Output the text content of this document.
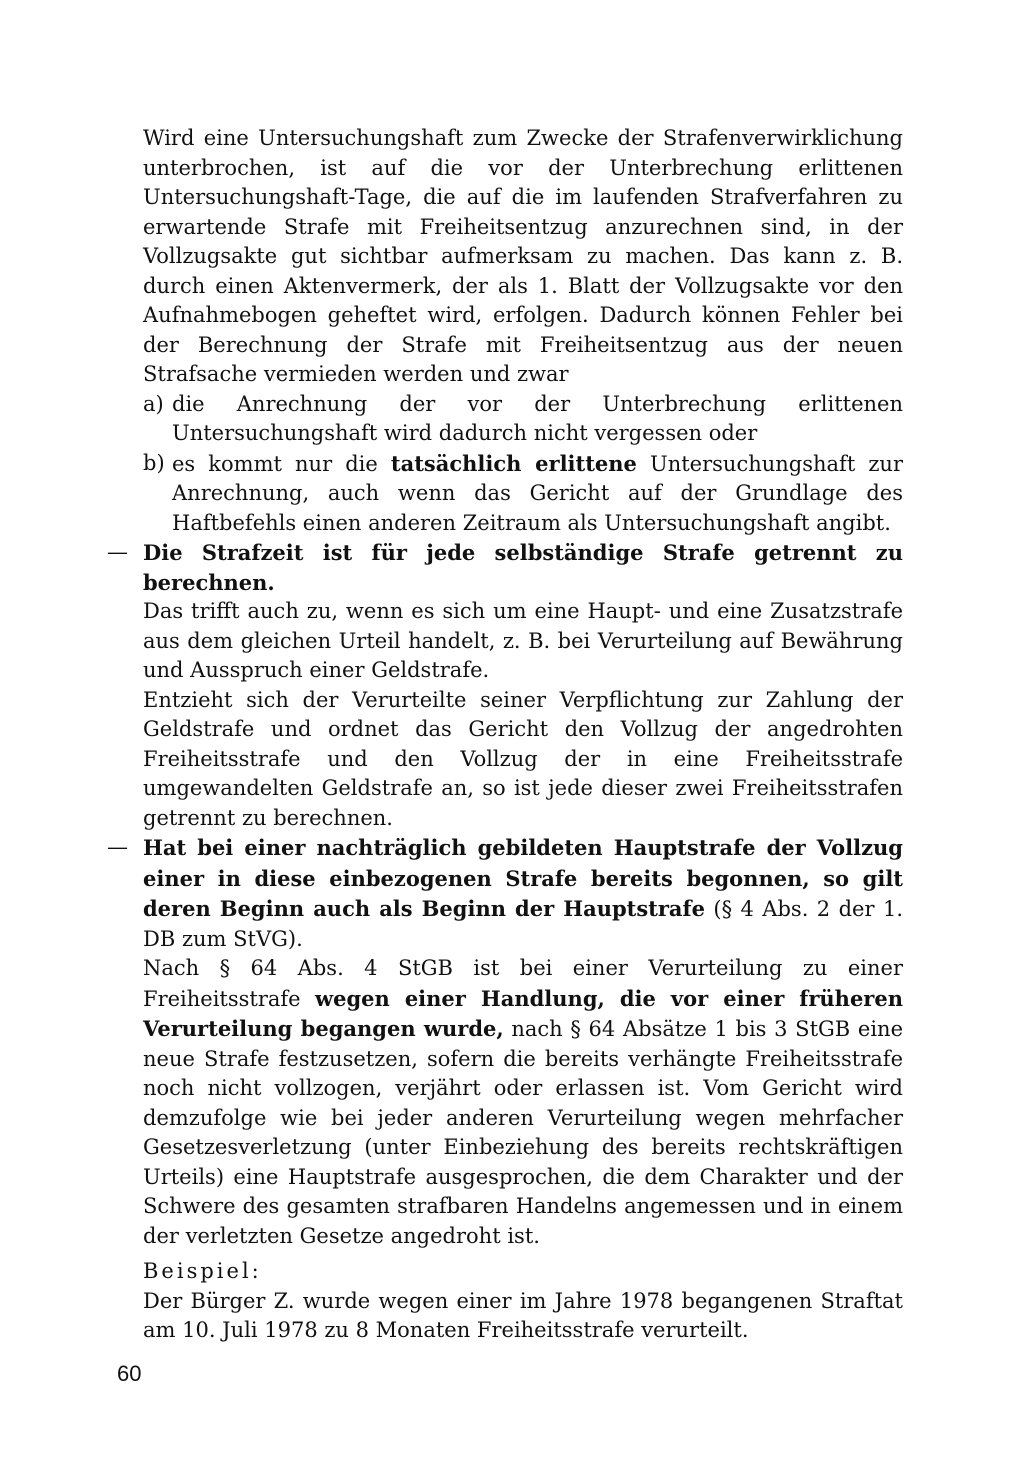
Wird eine Untersuchungshaft zum Zwecke der Strafenverwirklichung unterbrochen, ist auf die vor der Unterbrechung erlittenen Untersuchungshaft-Tage, die auf die im laufenden Strafverfahren zu erwartende Strafe mit Freiheitsentzug anzurechnen sind, in der Vollzugsakte gut sichtbar aufmerksam zu machen. Das kann z. B. durch einen Aktenvermerk, der als 1. Blatt der Vollzugsakte vor den Aufnahmebogen geheftet wird, erfolgen. Dadurch können Fehler bei der Berechnung der Strafe mit Freiheitsentzug aus der neuen Strafsache vermieden werden und zwar

a) die Anrechnung der vor der Unterbrechung erlittenen Untersuchungshaft wird dadurch nicht vergessen oder
b) es kommt nur die tatsächlich erlittene Untersuchungshaft zur Anrechnung, auch wenn das Gericht auf der Grundlage des Haftbefehls einen anderen Zeitraum als Untersuchungshaft angibt.
— Die Strafzeit ist für jede selbständige Strafe getrennt zu berechnen.

Das trifft auch zu, wenn es sich um eine Haupt- und eine Zusatzstrafe aus dem gleichen Urteil handelt, z. B. bei Verurteilung auf Bewährung und Ausspruch einer Geldstrafe.

Entzieht sich der Verurteilte seiner Verpflichtung zur Zahlung der Geldstrafe und ordnet das Gericht den Vollzug der angedrohten Freiheitsstrafe und den Vollzug der in eine Freiheitsstrafe umgewandelten Geldstrafe an, so ist jede dieser zwei Freiheitsstrafen getrennt zu berechnen.

— Hat bei einer nachträglich gebildeten Hauptstrafe der Vollzug einer in diese einbezogenen Strafe bereits begonnen, so gilt deren Beginn auch als Beginn der Hauptstrafe (§ 4 Abs. 2 der 1. DB zum StVG).

Nach § 64 Abs. 4 StGB ist bei einer Verurteilung zu einer Freiheitsstrafe wegen einer Handlung, die vor einer früheren Verurteilung begangen wurde, nach § 64 Absätze 1 bis 3 StGB eine neue Strafe festzusetzen, sofern die bereits verhängte Freiheitsstrafe noch nicht vollzogen, verjährt oder erlassen ist. Vom Gericht wird demzufolge wie bei jeder anderen Verurteilung wegen mehrfacher Gesetzesverletzung (unter Einbeziehung des bereits rechtskräftigen Urteils) eine Hauptstrafe ausgesprochen, die dem Charakter und der Schwere des gesamten strafbaren Handelns angemessen und in einem der verletzten Gesetze angedroht ist.

Beispiel:

Der Bürger Z. wurde wegen einer im Jahre 1978 begangenen Straftat am 10. Juli 1978 zu 8 Monaten Freiheitsstrafe verurteilt.

60
